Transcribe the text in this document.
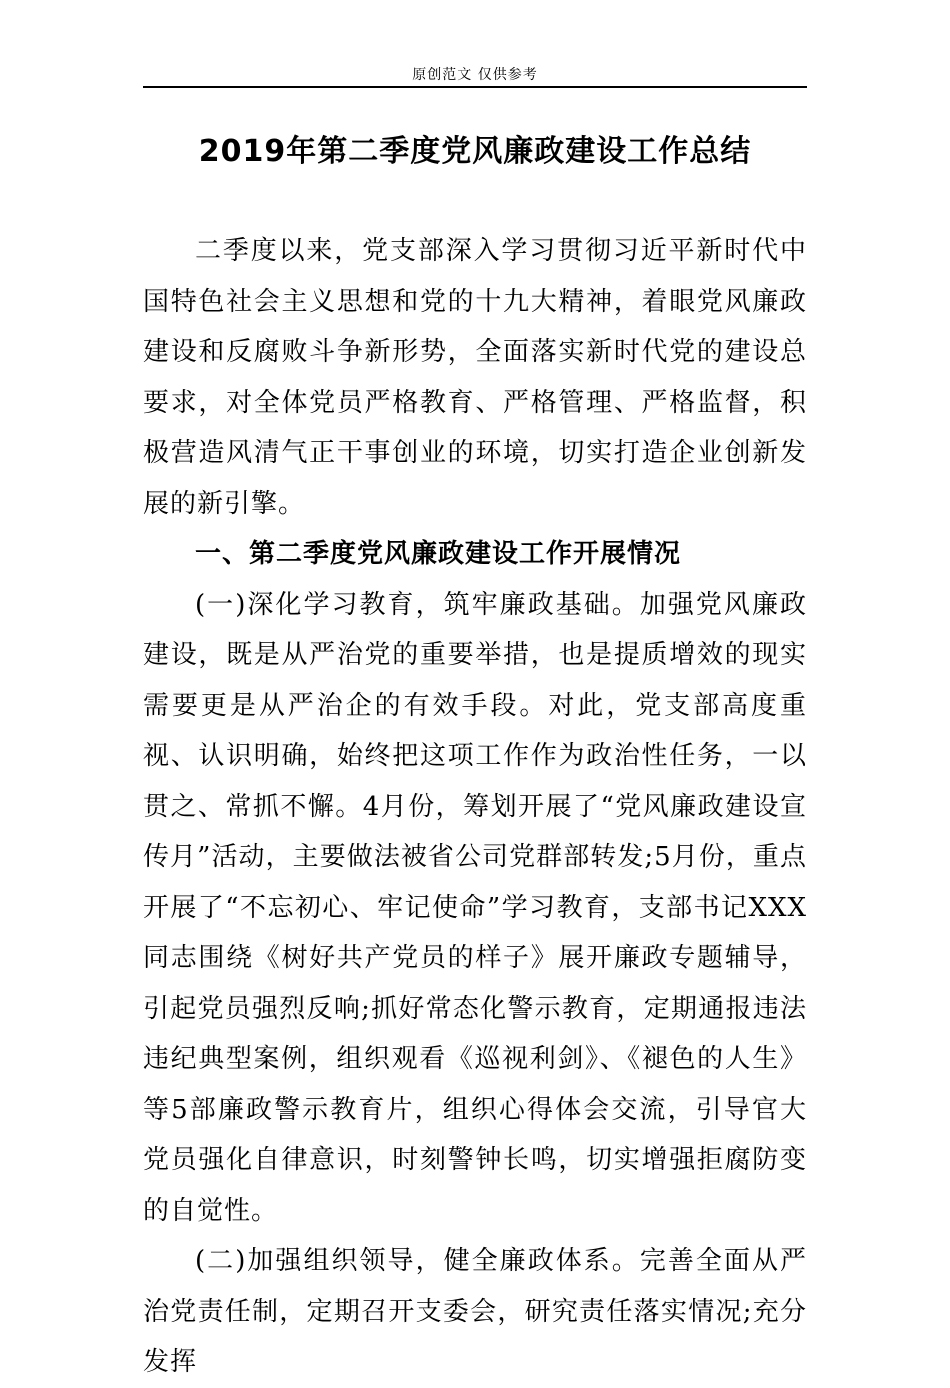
原创范文 仅供参考
2019年第二季度党风廉政建设工作总结

二季度以来，党支部深入学习贯彻习近平新时代中国特色社会主义思想和党的十九大精神，着眼党风廉政建设和反腐败斗争新形势，全面落实新时代党的建设总要求，对全体党员严格教育、严格管理、严格监督，积极营造风清气正干事创业的环境，切实打造企业创新发展的新引擎。

一、第二季度党风廉政建设工作开展情况

(一)深化学习教育，筑牢廉政基础。加强党风廉政建设，既是从严治党的重要举措，也是提质增效的现实需要更是从严治企的有效手段。对此，党支部高度重视、认识明确，始终把这项工作作为政治性任务，一以贯之、常抓不懈。4月份，筹划开展了“党风廉政建设宣传月”活动，主要做法被省公司党群部转发;5月份，重点开展了“不忘初心、牢记使命”学习教育，支部书记XXX同志围绕《树好共产党员的样子》展开廉政专题辅导，引起党员强烈反响;抓好常态化警示教育，定期通报违法违纪典型案例，组织观看《巡视利剑》、《褪色的人生》等5部廉政警示教育片，组织心得体会交流，引导官大党员强化自律意识，时刻警钟长鸣，切实增强拒腐防变的自觉性。

(二)加强组织领导，健全廉政体系。完善全面从严治党责任制，定期召开支委会，研究责任落实情况;充分发挥
